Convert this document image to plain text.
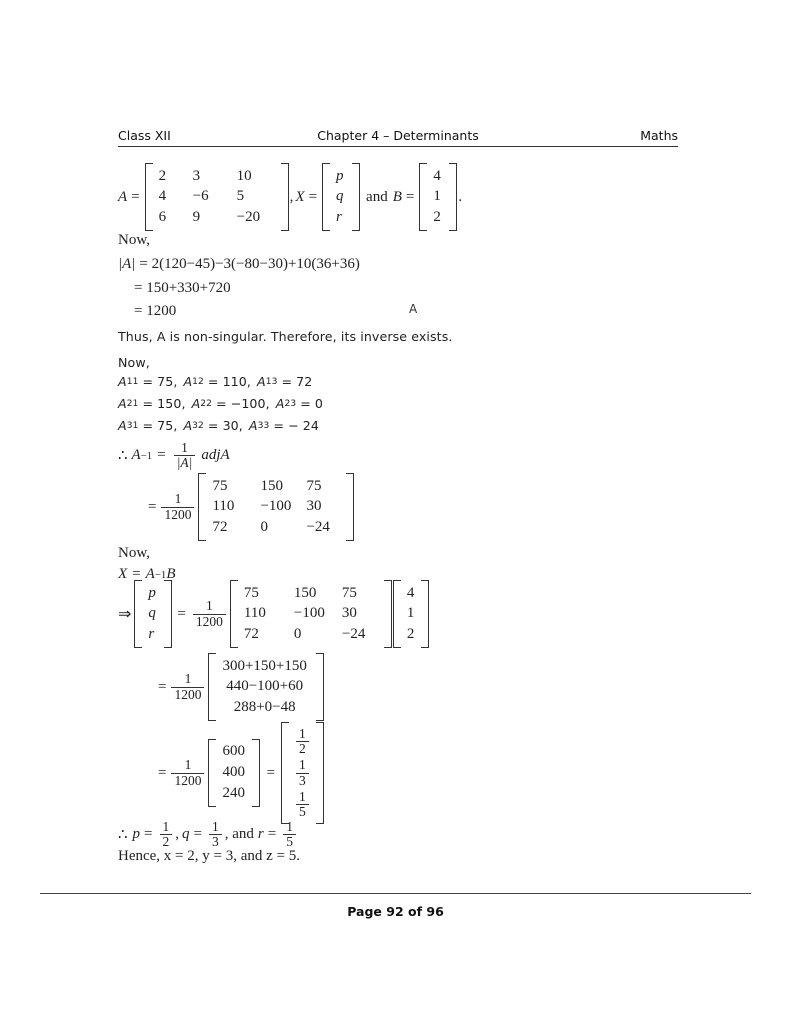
Class XII	Chapter 4 – Determinants	Maths
A =
2	3	10
4	−6	5
6	9	−20
, X =
p
q
r
and B =
4
1
2
.
Now,
|A| = 2(120−45)−3(−80−30)+10(36+36)
= 150+330+720
= 1200	A
Thus, A is non-singular. Therefore, its inverse exists.
Now,
A 11 = 75 , A 12 = 110 , A 13 = 72
A 21 = 150 , A 22 = −100 , A 23 = 0
A 31 = 75 , A 32 = 30 , A 33 = − 24
∴ $A -1 = \frac{1}{|A|}$ adjA
= $\frac{1}{1200}$
75	150	75
110	−100	30
72	0	−24
Now,
X = A −1 B
⇒
p
q
r
= $\frac{1}{1200}$
75	150	75
110	−100	30
72	0	−24
4
1
2
= $\frac{1}{1200}$
300+150+150
440−100+60
288+0−48
= $\frac{1}{1200}$
600
400
240
=
$\frac{1}{2}$
$\frac{1}{3}$
$\frac{1}{5}$
∴ $p = \frac{1}{2}$ , $q = \frac{1}{3}$ , and $r = \frac{1}{5}$
Hence, x = 2, y = 3, and z = 5.
Page 92 of 96
